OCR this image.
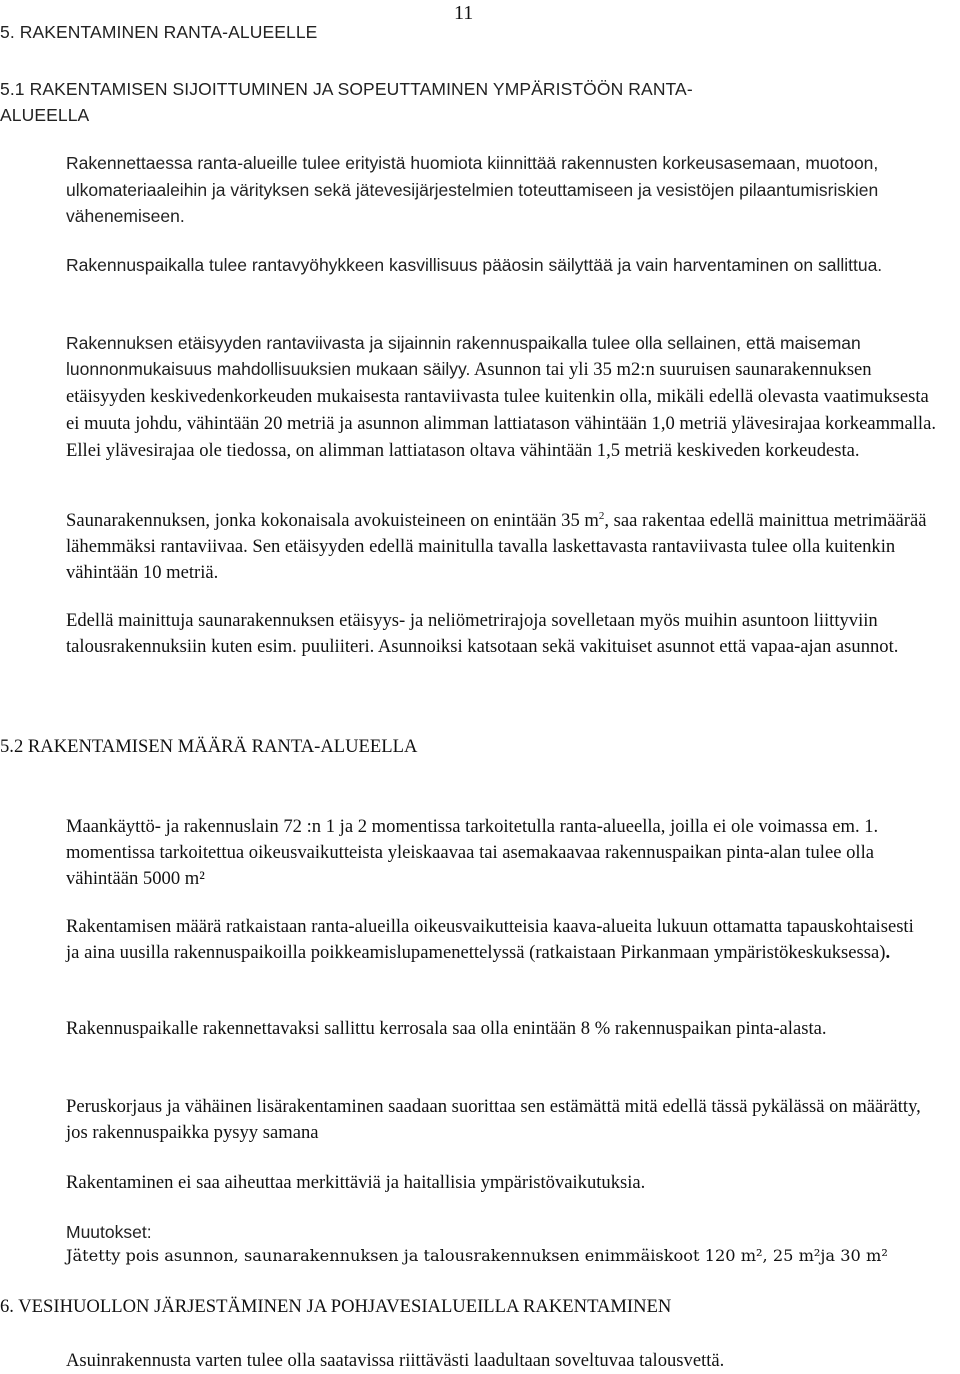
5. RAKENTAMINEN RANTA-ALUEELLE
11
5.1 RAKENTAMISEN SIJOITTUMINEN JA SOPEUTTAMINEN YMPÄRISTÖÖN RANTA-
ALUEELLA

Rakennettaessa ranta-alueille tulee erityistä huomiota kiinnittää rakennusten korkeusasemaan, muotoon, ulkomateriaaleihin ja värityksen sekä jätevesijärjestelmien toteuttamiseen ja vesistöjen pilaantumisriskien vähenemiseen.

Rakennuspaikalla tulee rantavyöhykkeen kasvillisuus pääosin säilyttää ja vain harventaminen on sallittua.

Rakennuksen etäisyyden rantaviivasta ja sijainnin rakennuspaikalla tulee olla sellainen, että maiseman luonnonmukaisuus mahdollisuuksien mukaan säilyy. Asunnon tai yli 35 m2:n suuruisen saunarakennuksen etäisyyden keskivedenkorkeuden mukaisesta rantaviivasta tulee kuitenkin olla, mikäli edellä olevasta vaatimuksesta ei muuta johdu, vähintään 20 metriä ja asunnon alimman lattiatason vähintään 1,0 metriä ylävesirajaa korkeammalla. Ellei ylävesirajaa ole tiedossa, on alimman lattiatason oltava vähintään 1,5 metriä keskiveden korkeudesta.

Saunarakennuksen, jonka kokonaisala avokuisteineen on enintään 35 $m^2$, saa rakentaa edellä mainittua metrimäärää lähemmäksi rantaviivaa. Sen etäisyyden edellä mainitulla tavalla laskettavasta rantaviivasta tulee olla kuitenkin vähintään 10 metriä.

Edellä mainittuja saunarakennuksen etäisyys- ja neliömetrirajoja sovelletaan myös muihin asuntoon liittyviin talousrakennuksiin kuten esim. puuliiteri. Asunnoiksi katsotaan sekä vakituiset asunnot että vapaa-ajan asunnot.

5.2 RAKENTAMISEN MÄÄRÄ RANTA-ALUEELLA

Maankäyttö- ja rakennuslain 72 :n 1 ja 2 momentissa tarkoitetulla ranta-alueella, joilla ei ole voimassa em. 1. momentissa tarkoitettua oikeusvaikutteista yleiskaavaa tai asemakaavaa rakennuspaikan pinta-alan tulee olla vähintään 5000 m²

Rakentamisen määrä ratkaistaan ranta-alueilla oikeusvaikutteisia kaava-alueita lukuun ottamatta tapauskohtaisesti ja aina uusilla rakennuspaikoilla poikkeamislupamenettelyssä (ratkaistaan Pirkanmaan ympäristökeskuksessa).

Rakennuspaikalle rakennettavaksi sallittu kerrosala saa olla enintään 8 % rakennuspaikan pinta-alasta.

Peruskorjaus ja vähäinen lisärakentaminen saadaan suorittaa sen estämättä mitä edellä tässä pykälässä on määrätty, jos rakennuspaikka pysyy samana

Rakentaminen ei saa aiheuttaa merkittäviä ja haitallisia ympäristövaikutuksia.

Muutokset:
Jätetty pois asunnon, saunarakennuksen ja talousrakennuksen enimmäiskoot 120 m², 25 m²ja 30 m²
6. VESIHUOLLON JÄRJESTÄMINEN JA POHJAVESIALUEILLA RAKENTAMINEN

Asuinrakennusta varten tulee olla saatavissa riittävästi laadultaan soveltuvaa talousvettä.
